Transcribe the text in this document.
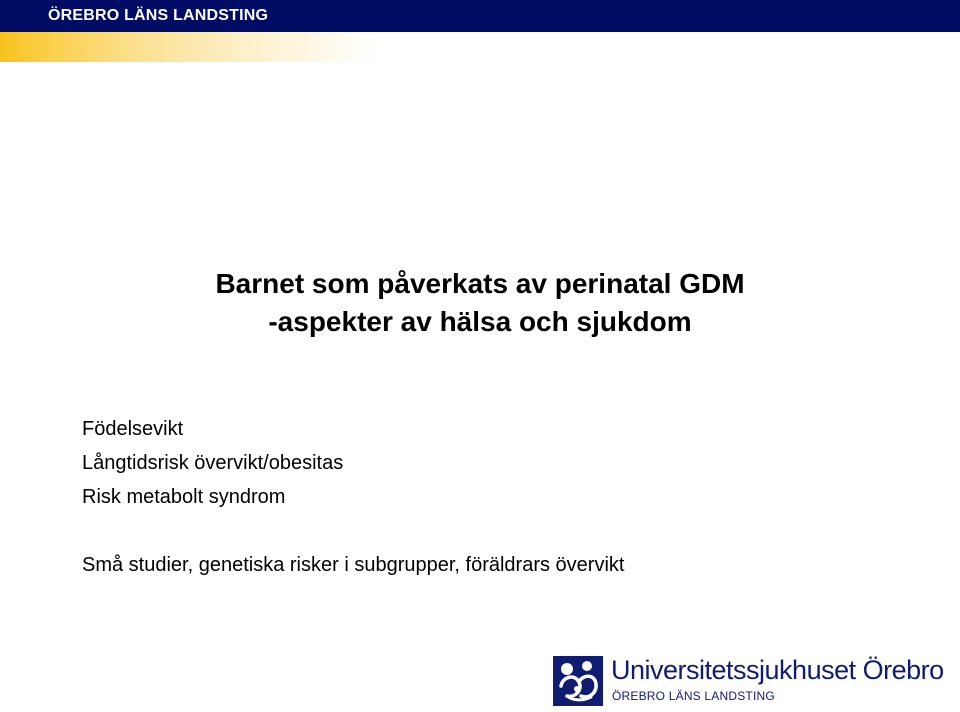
ÖREBRO LÄNS LANDSTING
Barnet som påverkats av perinatal GDM
-aspekter av hälsa och sjukdom
Födelsevikt
Långtidsrisk övervikt/obesitas
Risk metabolt syndrom
Små studier, genetiska risker i subgrupper, föräldrars övervikt
Universitetssjukhuset Örebro
ÖREBRO LÄNS LANDSTING
